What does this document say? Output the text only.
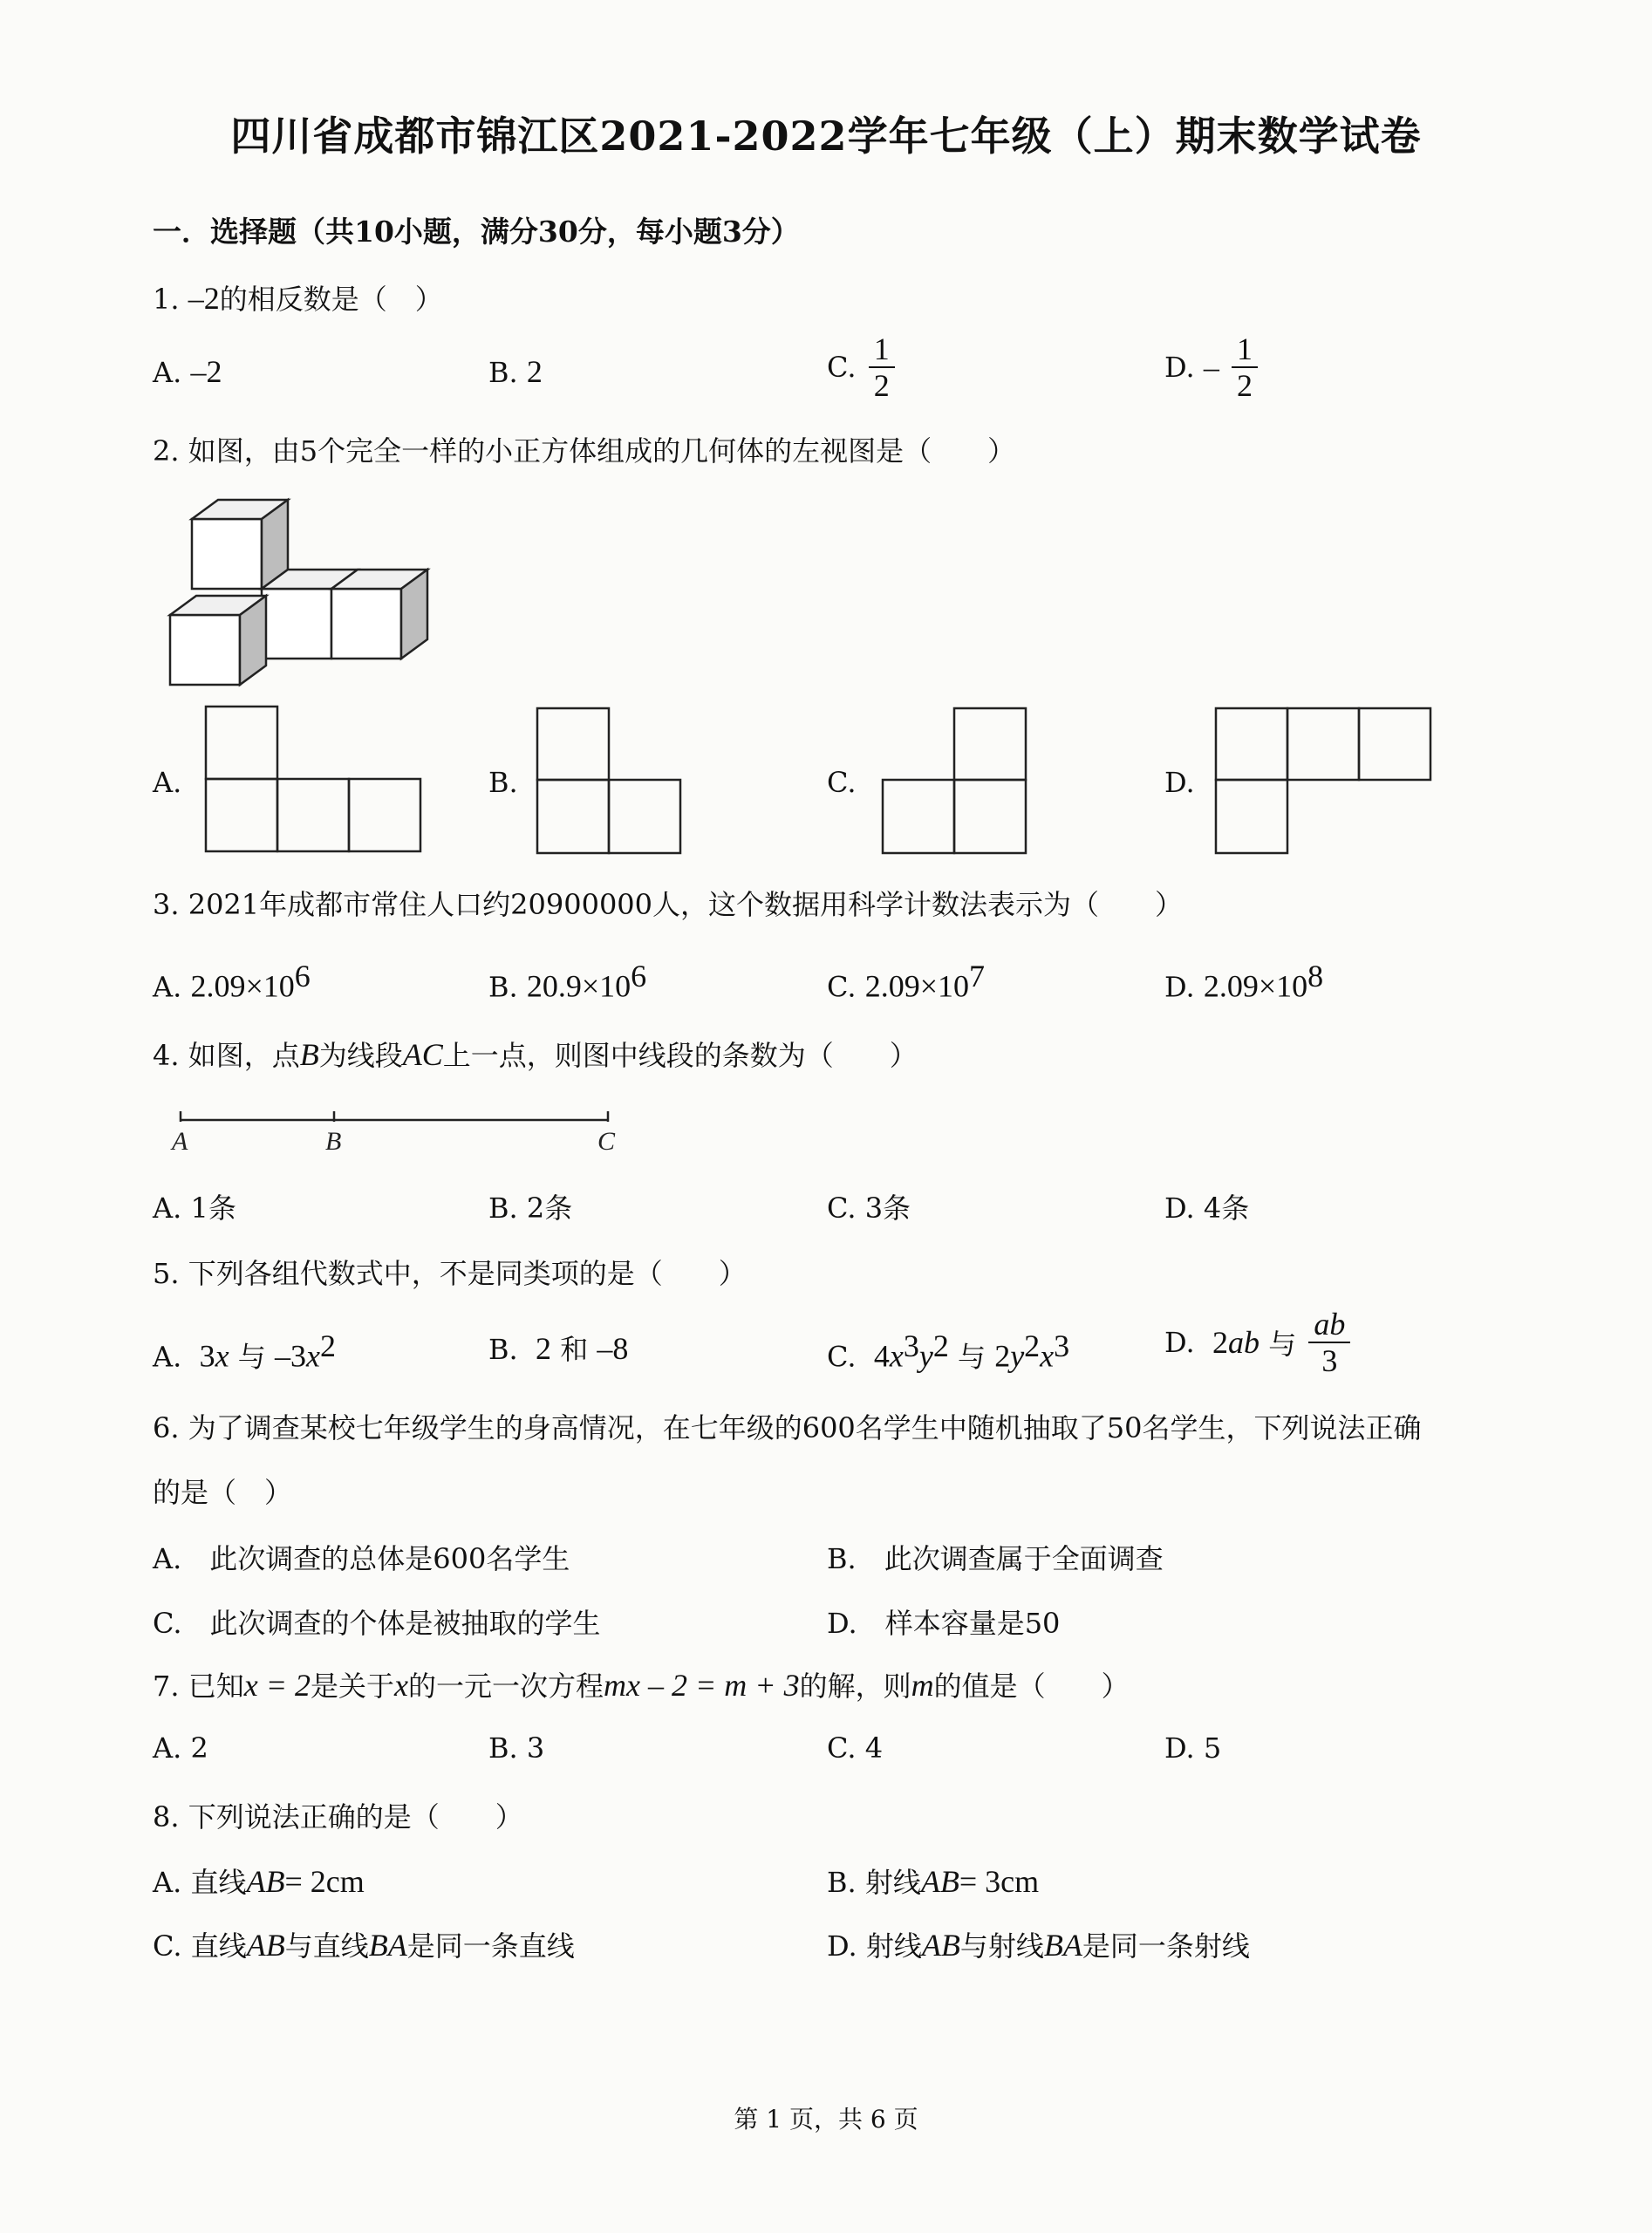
四川省成都市锦江区2021-2022学年七年级（上）期末数学试卷
一．选择题（共10小题，满分30分，每小题3分）
1. –2的相反数是（　）
A. –2	B. 2	C. $\frac{1}{2}$	D. – $\frac{1}{2}$
2. 如图，由5个完全一样的小正方体组成的几何体的左视图是（　　）
A.	B.	C.	D.
3. 2021年成都市常住人口约20900000人，这个数据用科学计数法表示为（　　）
A. $2.09\times 10^6$	B. $20.9\times 10^6$	C. $2.09\times 10^7$	D. $2.09\times 10^8$
4. 如图，点B为线段AC上一点，则图中线段的条数为（　　）
A	B	C
A. 1条	B. 2条	C. 3条	D. 4条
5. 下列各组代数式中，不是同类项的是（　　）
A. 3x 与 $-3x^2$	B. 2 和 –8	C. $4x^3y^2$ 与 $2y^2x^3$	D. 2ab 与 $\frac{ab}{3}$
6. 为了调查某校七年级学生的身高情况，在七年级的600名学生中随机抽取了50名学生，下列说法正确
的是（　）
A.　此次调查的总体是600名学生	B.　此次调查属于全面调查
C.　此次调查的个体是被抽取的学生	D.　样本容量是50
7. 已知x = 2是关于x的一元一次方程mx – 2 = m + 3的解，则m的值是（　　）
A. 2	B. 3	C. 4	D. 5
8. 下列说法正确的是（　　）
A. 直线AB= 2cm	B. 射线AB= 3cm
C. 直线AB与直线BA是同一条直线	D. 射线AB与射线BA是同一条射线
第 1 页，共 6 页
